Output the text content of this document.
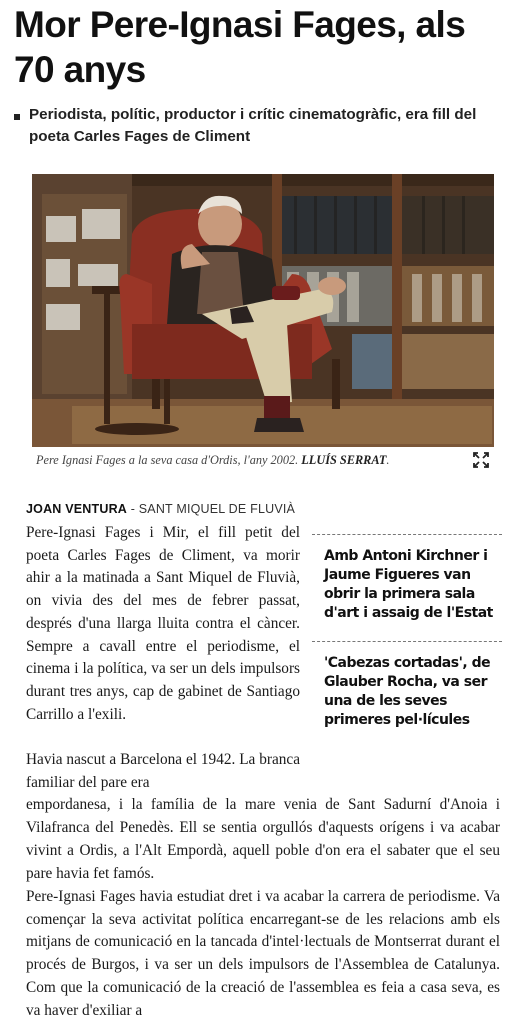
Mor Pere-Ignasi Fages, als 70 anys
Periodista, polític, productor i crític cinematogràfic, era fill del poeta Carles Fages de Climent
Pere Ignasi Fages a la seva casa d'Ordis, l'any 2002. LLUÍS SERRAT.
JOAN VENTURA - SANT MIQUEL DE FLUVIÀ

Pere-Ignasi Fages i Mir, el fill petit del poeta Carles Fages de Climent, va morir ahir a la matinada a Sant Miquel de Fluvià, on vivia des del mes de febrer passat, després d'una llarga lluita contra el càncer. Sempre a cavall entre el periodisme, el cinema i la política, va ser un dels impulsors durant tres anys, cap de gabinet de Santiago Carrillo a l'exili.

Amb Antoni Kirchner i Jaume Figueres van obrir la primera sala d'art i assaig de l'Estat
'Cabezas cortadas', de Glauber Rocha, va ser una de les seves primeres pel·lícules
Havia nascut a Barcelona el 1942. La branca familiar del pare era
empordanesa, i la família de la mare venia de Sant Sadurní d'Anoia i Vilafranca del Penedès. Ell se sentia orgullós d'aquests orígens i va acabar vivint a Ordis, a l'Alt Empordà, aquell poble d'on era el sabater que el seu pare havia fet famós.

Pere-Ignasi Fages havia estudiat dret i va acabar la carrera de periodisme. Va començar la seva activitat política encarregant-se de les relacions amb els mitjans de comunicació en la tancada d'intel·lectuals de Montserrat durant el procés de Burgos, i va ser un dels impulsors de l'Assemblea de Catalunya. Com que la comunicació de la creació de l'assemblea es feia a casa seva, es va haver d'exiliar a
